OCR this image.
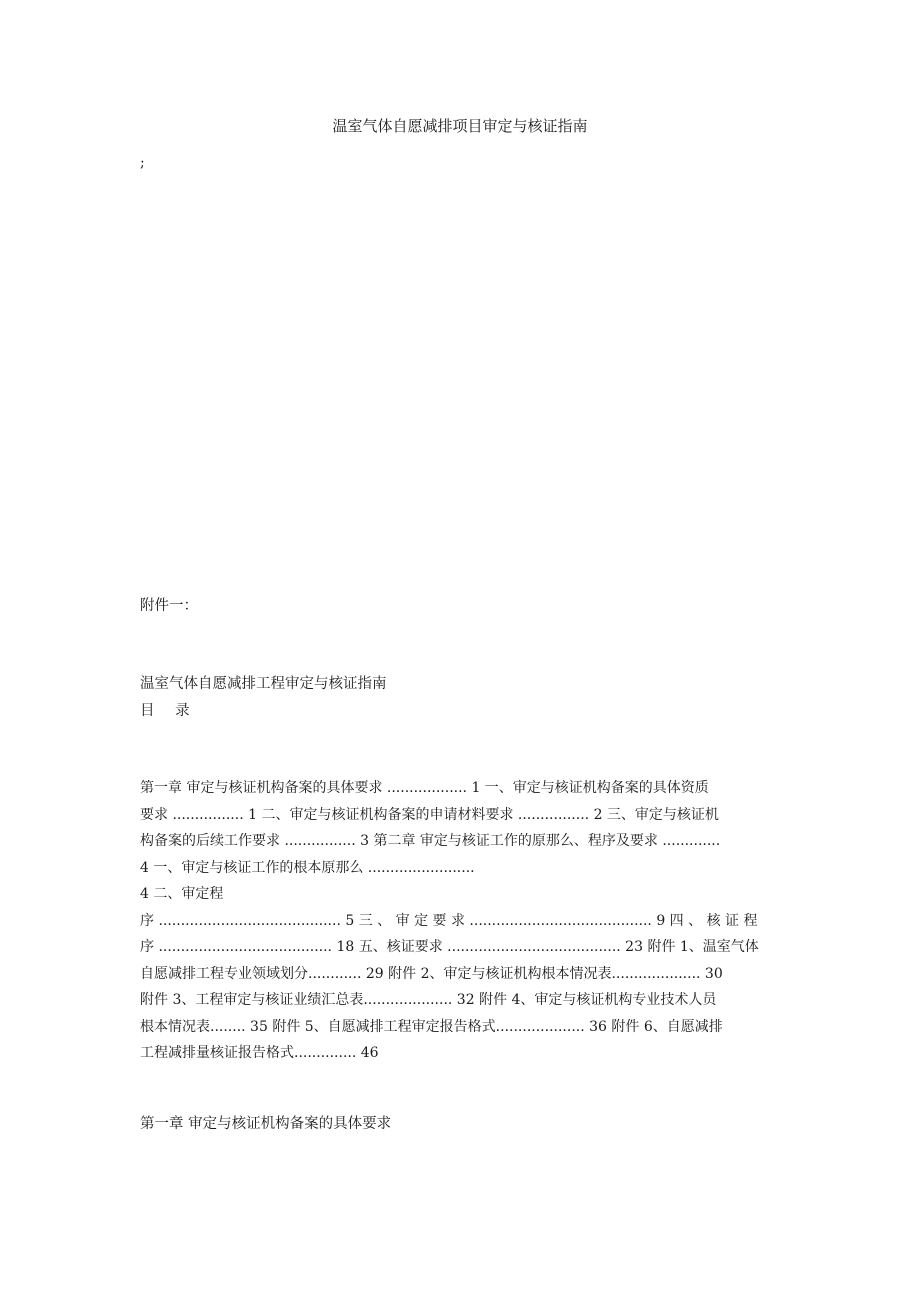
温室气体自愿减排项目审定与核证指南
;
附件一：
温室气体自愿减排工程审定与核证指南
目 录
第一章 审定与核证机构备案的具体要求 .................. 1 一、审定与核证机构备案的具体资质
要求 ................ 1 二、审定与核证机构备案的申请材料要求 ................ 2 三、审定与核证机
构备案的后续工作要求 ................ 3 第二章 审定与核证工作的原那么、程序及要求 .............
4 一、审定与核证工作的根本原那么 ........................
4 二、审定程
序 ......................................... 5 三 、 审 定 要 求 ......................................... 9 四 、 核 证 程
序 ....................................... 18 五、核证要求 ....................................... 23 附件 1、温室气体
自愿减排工程专业领域划分............ 29 附件 2、审定与核证机构根本情况表.................... 30
附件 3、工程审定与核证业绩汇总表.................... 32 附件 4、审定与核证机构专业技术人员
根本情况表........ 35 附件 5、自愿减排工程审定报告格式.................... 36 附件 6、自愿减排
工程减排量核证报告格式.............. 46
第一章 审定与核证机构备案的具体要求
